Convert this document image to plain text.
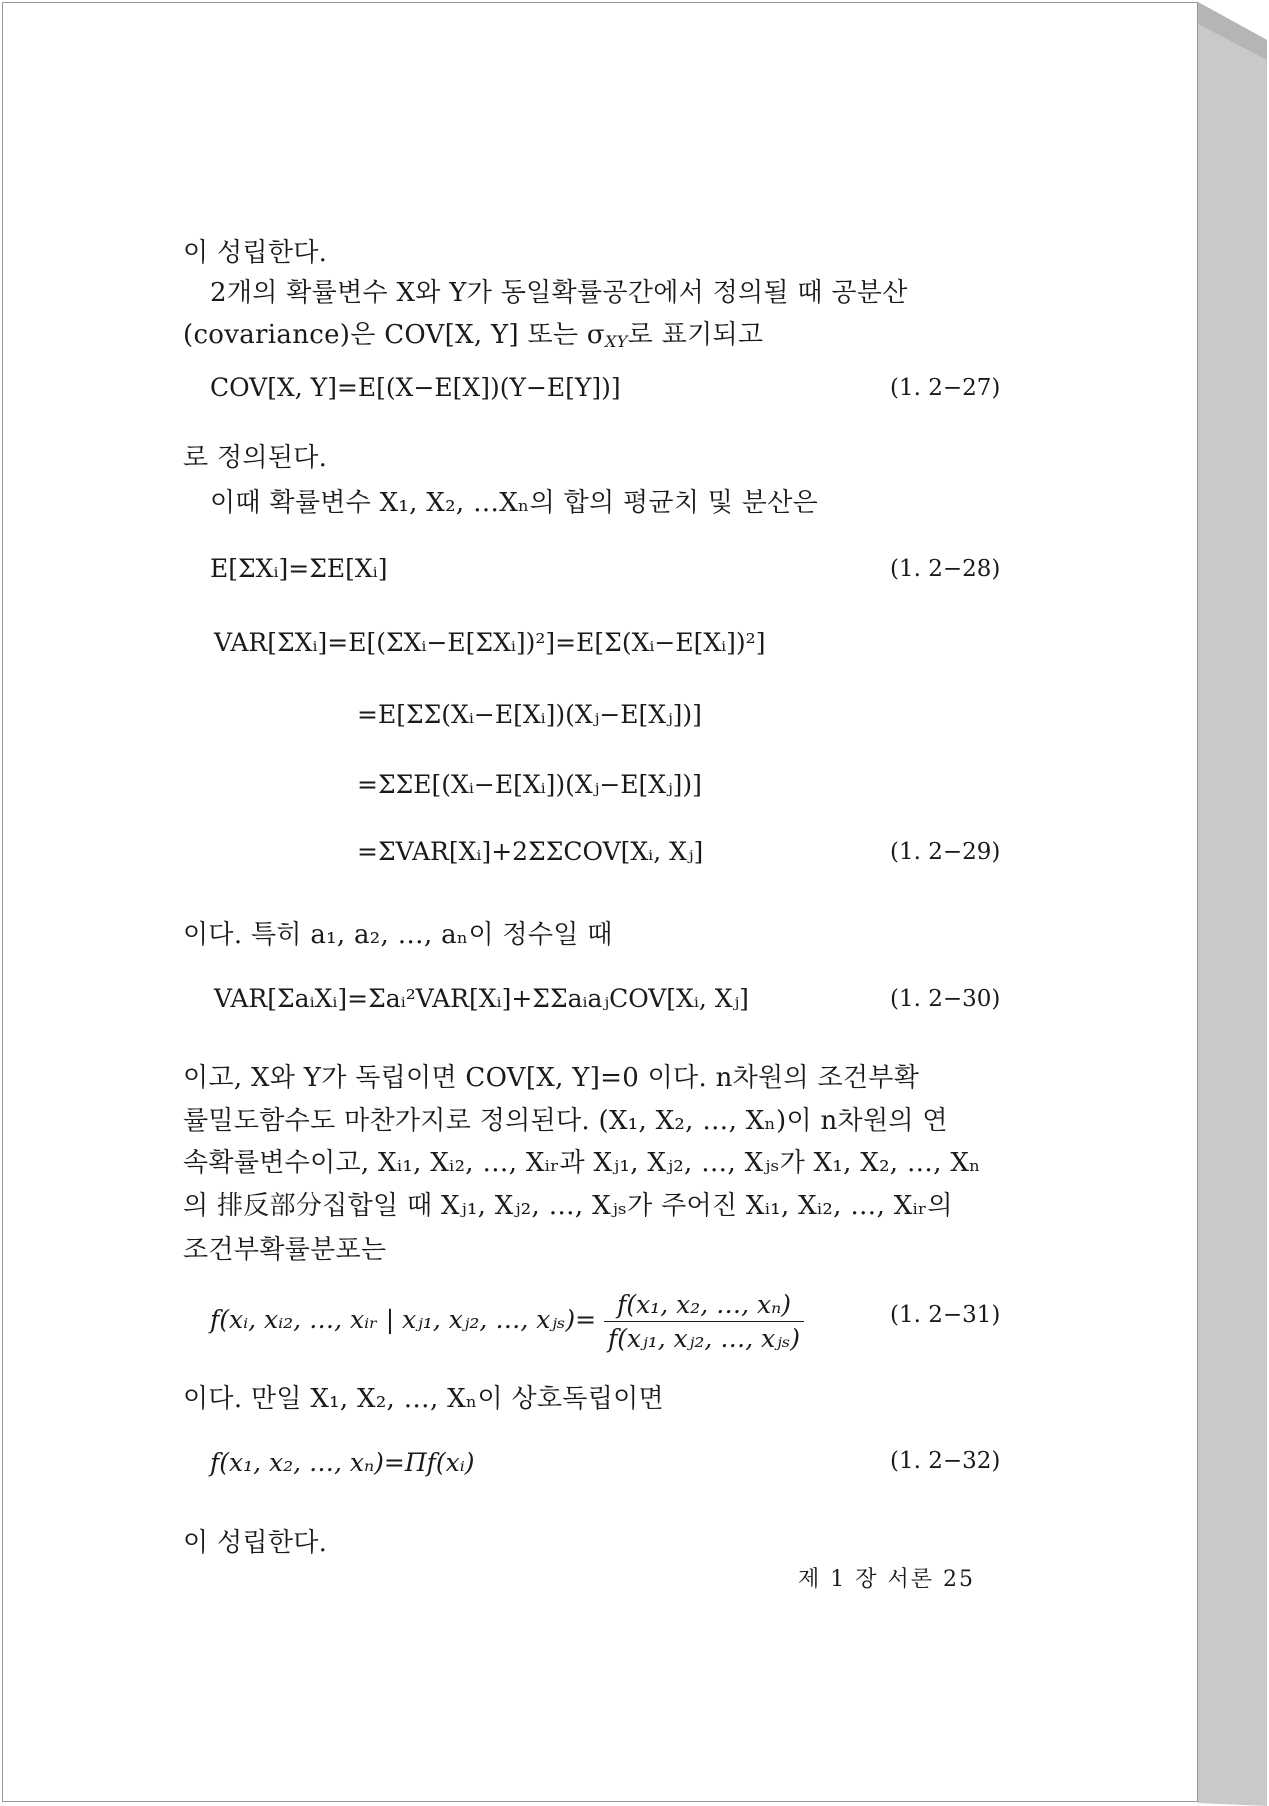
이 성립한다.
2개의 확률변수 X와 Y가 동일확률공간에서 정의될 때 공분산
(covariance)은 COV[X, Y] 또는 $\sigma_{XY}$로 표기되고
COV[X, Y]=E[(X−E[X])(Y−E[Y])]	(1. 2−27)
로 정의된다.
이때 확률변수 X₁, X₂, …Xₙ의 합의 평균치 및 분산은
E[ΣXᵢ]=ΣE[Xᵢ]	(1. 2−28)
VAR[ΣXᵢ]=E[(ΣXᵢ−E[ΣXᵢ])²]=E[Σ(Xᵢ−E[Xᵢ])²]
=E[ΣΣ(Xᵢ−E[Xᵢ])(Xⱼ−E[Xⱼ])]
=ΣΣE[(Xᵢ−E[Xᵢ])(Xⱼ−E[Xⱼ])]
=ΣVAR[Xᵢ]+2ΣΣCOV[Xᵢ, Xⱼ]	(1. 2−29)
이다. 특히 a₁, a₂, …, aₙ이 정수일 때
VAR[ΣaᵢXᵢ]=Σaᵢ²VAR[Xᵢ]+ΣΣaᵢaⱼCOV[Xᵢ, Xⱼ]	(1. 2−30)
이고, X와 Y가 독립이면 COV[X, Y]=0 이다. n차원의 조건부확
률밀도함수도 마찬가지로 정의된다. (X₁, X₂, …, Xₙ)이 n차원의 연
속확률변수이고, Xᵢ₁, Xᵢ₂, …, Xᵢᵣ과 Xⱼ₁, Xⱼ₂, …, Xⱼₛ가 X₁, X₂, …, Xₙ
의 排反部分집합일 때 Xⱼ₁, Xⱼ₂, …, Xⱼₛ가 주어진 Xᵢ₁, Xᵢ₂, …, Xᵢᵣ의
조건부확률분포는
f(xᵢ, xᵢ₂, …, xᵢᵣ | xⱼ₁, xⱼ₂, …, xⱼₛ)= $\frac{\text{f(x₁, x₂, …, xₙ)}}{\text{f(xⱼ₁, xⱼ₂, …, xⱼₛ)}}$	(1. 2−31)
이다. 만일 X₁, X₂, …, Xₙ이 상호독립이면
f(x₁, x₂, …, xₙ)=Πf(xᵢ)	(1. 2−32)
이 성립한다.
제 1 장 서론 25
